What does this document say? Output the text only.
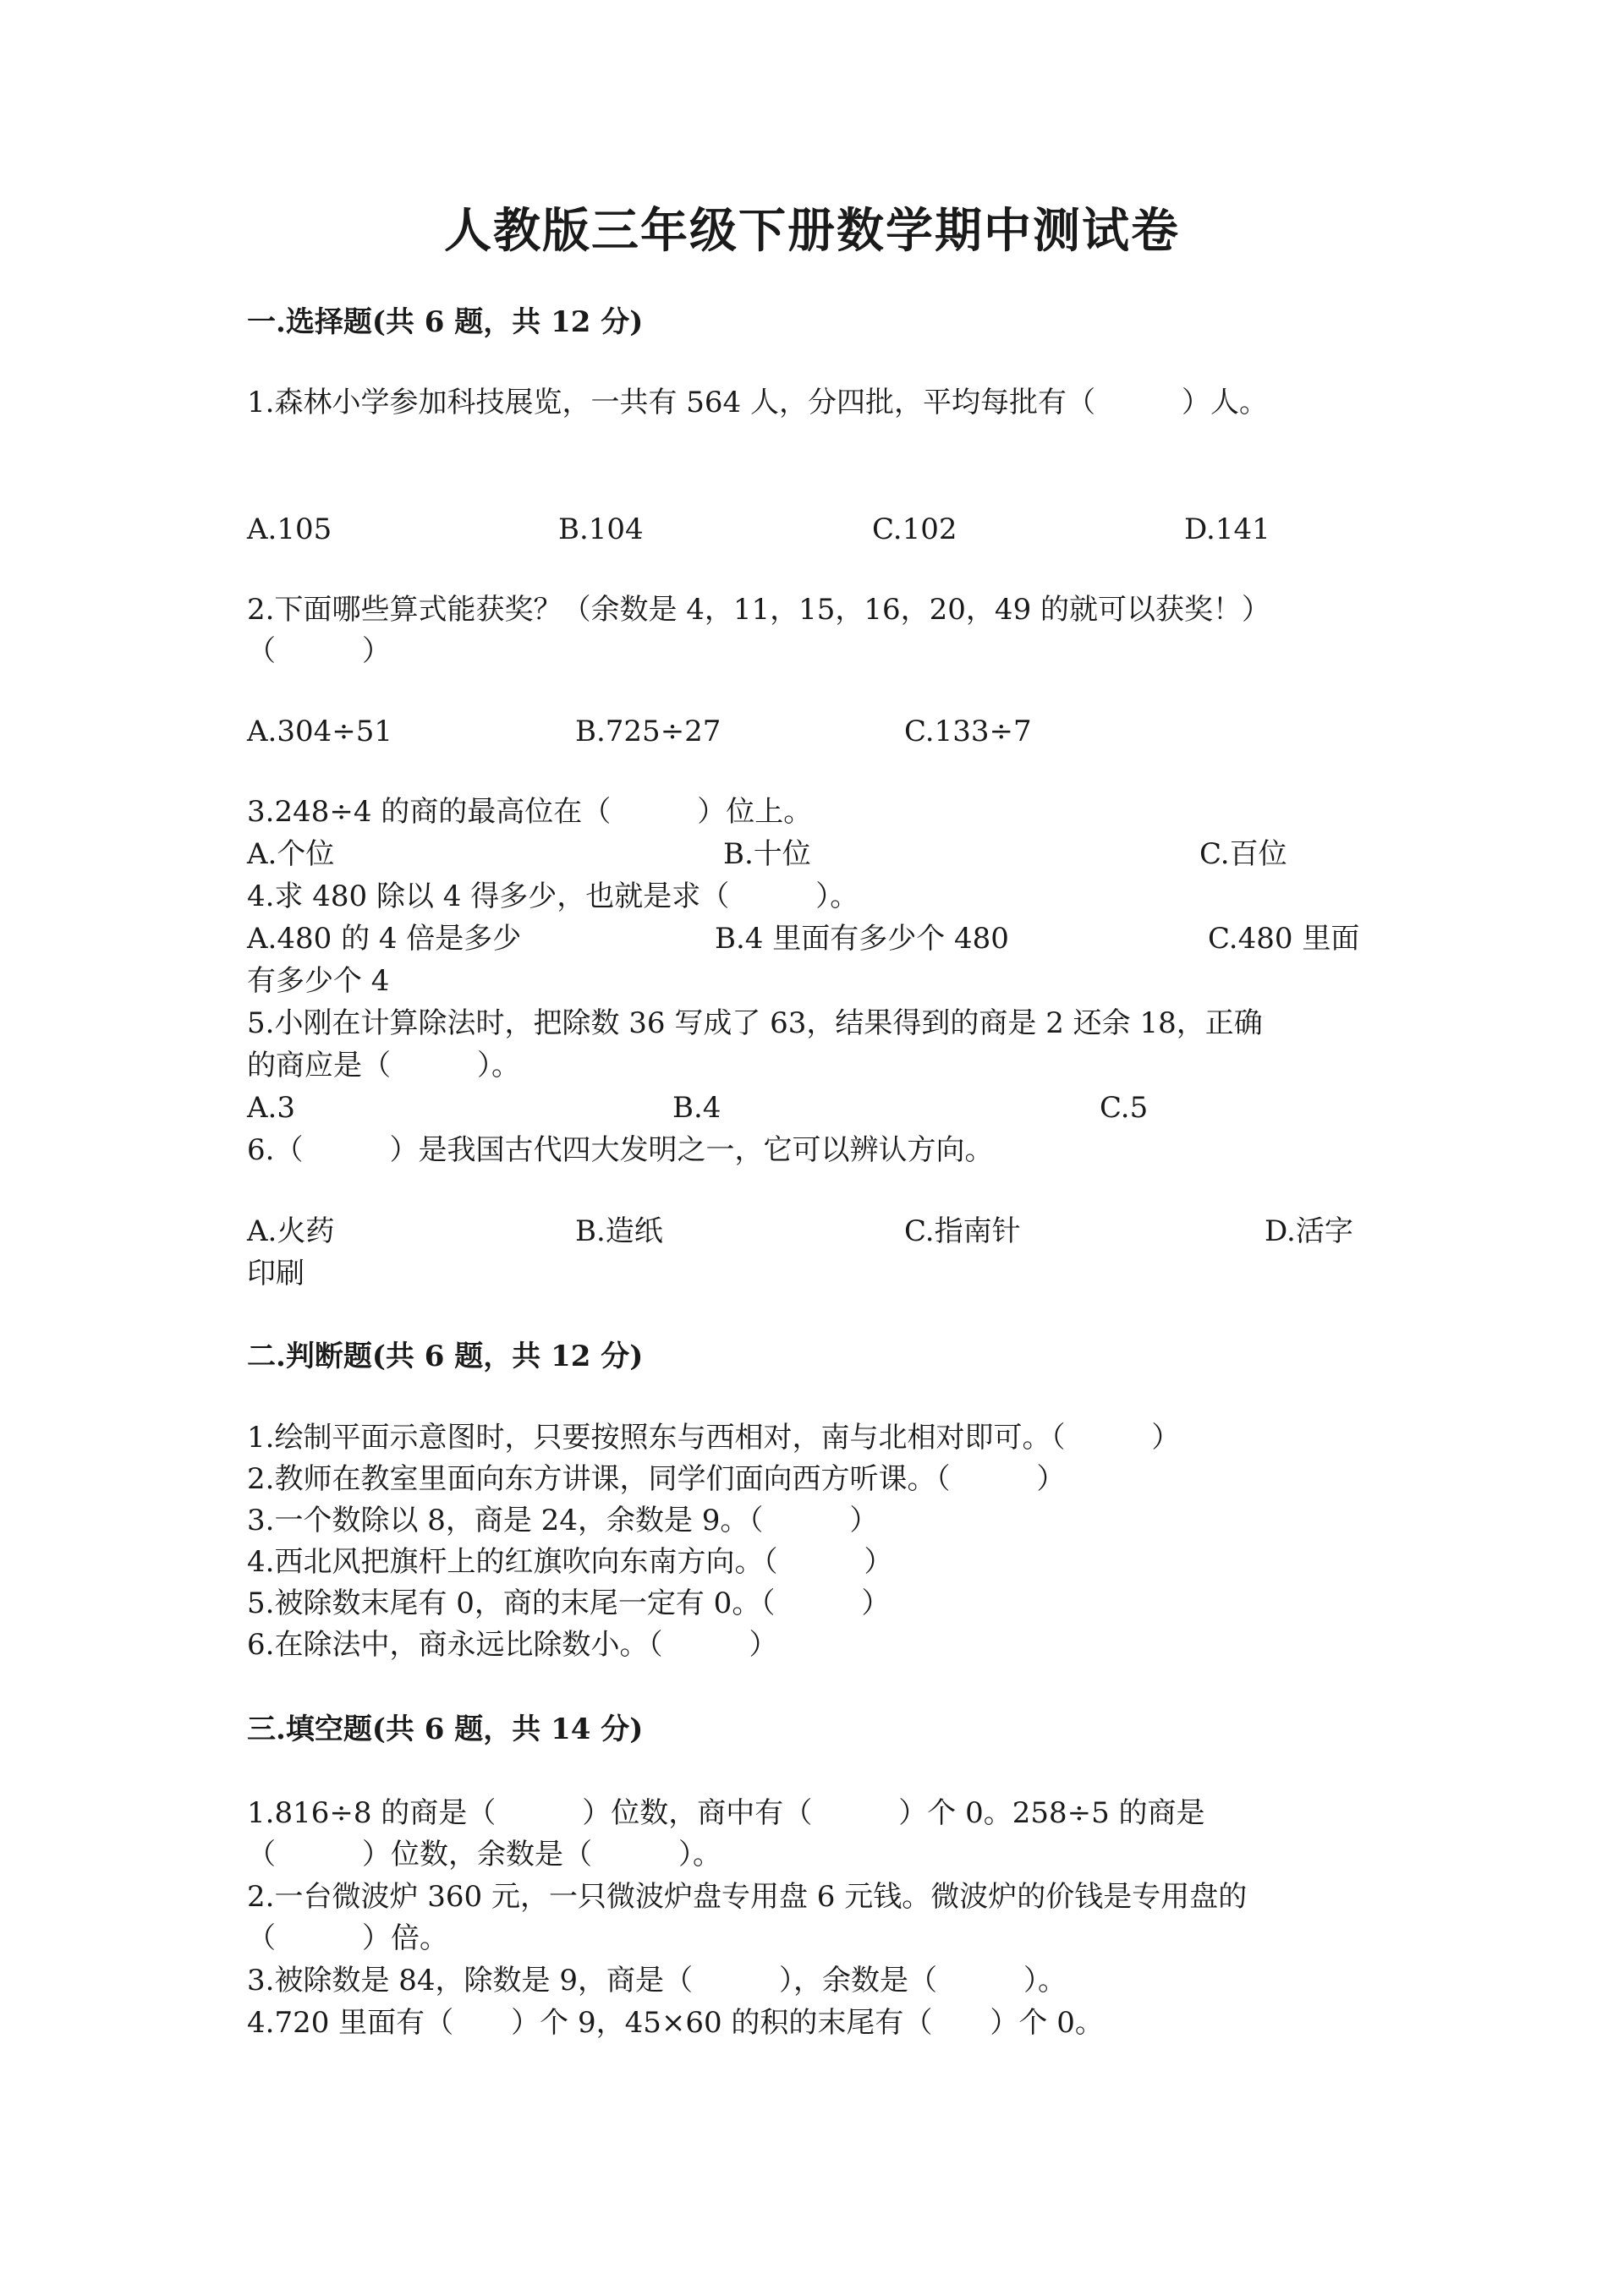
人教版三年级下册数学期中测试卷
一.选择题(共 6 题，共 12 分)
1.森林小学参加科技展览，一共有 564 人，分四批，平均每批有（　　　）人。
A.105	B.104	C.102	D.141
2.下面哪些算式能获奖？（余数是 4，11，15，16，20，49 的就可以获奖！）
（　　　）
A.304÷51	B.725÷27	C.133÷7
3.248÷4 的商的最高位在（　　　）位上。
A.个位	B.十位	C.百位
4.求 480 除以 4 得多少，也就是求（　　　）。
A.480 的 4 倍是多少	B.4 里面有多少个 480	C.480 里面
有多少个 4
5.小刚在计算除法时，把除数 36 写成了 63，结果得到的商是 2 还余 18，正确
的商应是（　　　）。
A.3	B.4	C.5
6.（　　　）是我国古代四大发明之一，它可以辨认方向。
A.火药	B.造纸	C.指南针	D.活字
印刷
二.判断题(共 6 题，共 12 分)
1.绘制平面示意图时，只要按照东与西相对，南与北相对即可。（　　　）
2.教师在教室里面向东方讲课，同学们面向西方听课。（　　　）
3.一个数除以 8，商是 24，余数是 9。（　　　）
4.西北风把旗杆上的红旗吹向东南方向。（　　　）
5.被除数末尾有 0，商的末尾一定有 0。（　　　）
6.在除法中，商永远比除数小。（　　　）
三.填空题(共 6 题，共 14 分)
1.816÷8 的商是（　　　）位数，商中有（　　　）个 0。258÷5 的商是
（　　　）位数，余数是（　　　）。
2.一台微波炉 360 元，一只微波炉盘专用盘 6 元钱。微波炉的价钱是专用盘的
（　　　）倍。
3.被除数是 84，除数是 9，商是（　　　），余数是（　　　）。
4.720 里面有（　　）个 9，45×60 的积的末尾有（　　）个 0。
